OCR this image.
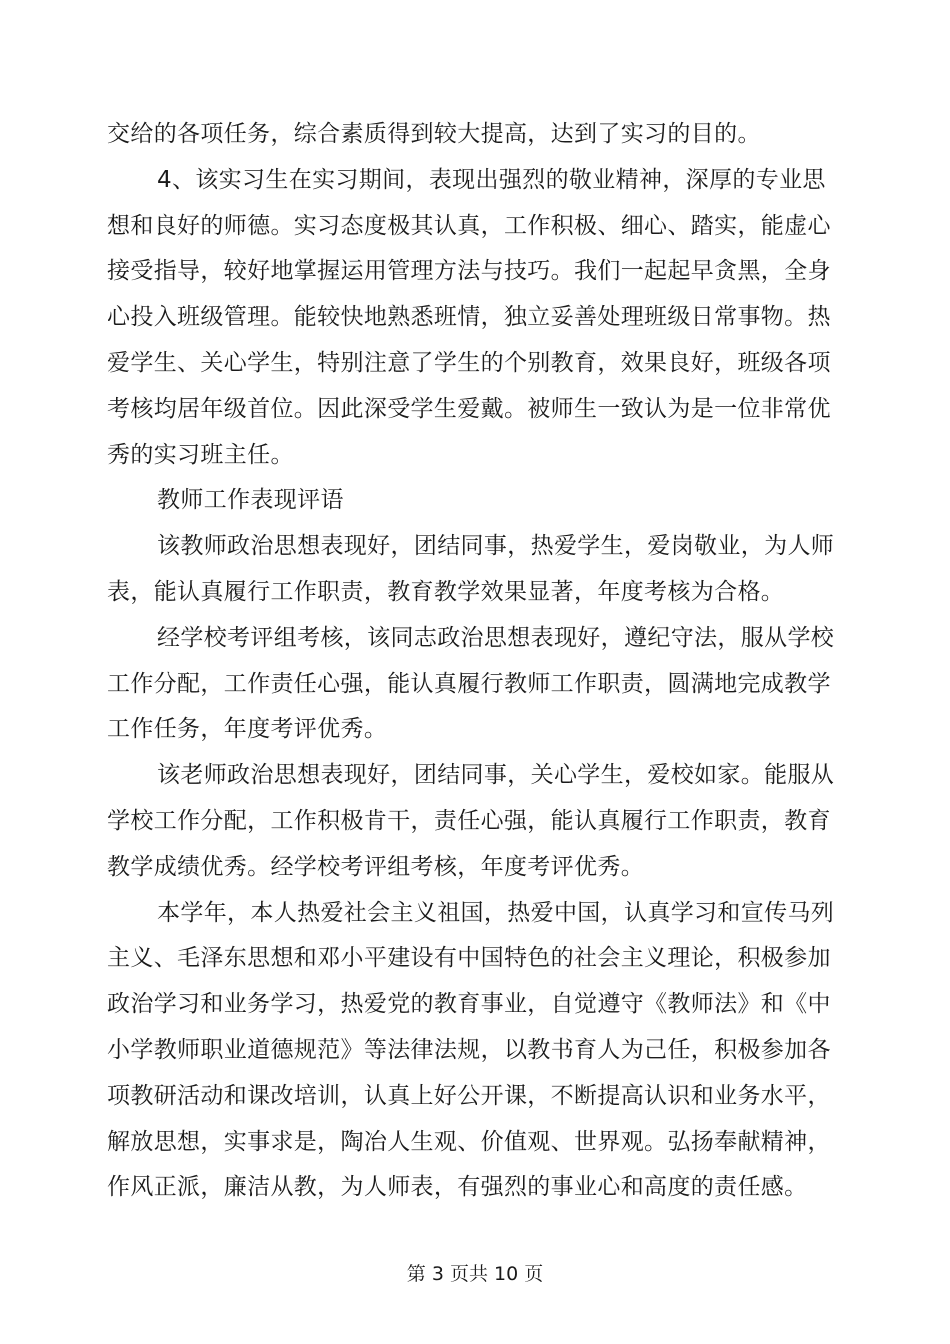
交给的各项任务，综合素质得到较大提高，达到了实习的目的。

4、该实习生在实习期间，表现出强烈的敬业精神，深厚的专业思想和良好的师德。实习态度极其认真，工作积极、细心、踏实，能虚心接受指导，较好地掌握运用管理方法与技巧。我们一起起早贪黑，全身心投入班级管理。能较快地熟悉班情，独立妥善处理班级日常事物。热爱学生、关心学生，特别注意了学生的个别教育，效果良好，班级各项考核均居年级首位。因此深受学生爱戴。被师生一致认为是一位非常优秀的实习班主任。

教师工作表现评语

该教师政治思想表现好，团结同事，热爱学生，爱岗敬业，为人师表，能认真履行工作职责，教育教学效果显著，年度考核为合格。

经学校考评组考核，该同志政治思想表现好，遵纪守法，服从学校工作分配，工作责任心强，能认真履行教师工作职责，圆满地完成教学工作任务，年度考评优秀。

该老师政治思想表现好，团结同事，关心学生，爱校如家。能服从学校工作分配，工作积极肯干，责任心强，能认真履行工作职责，教育教学成绩优秀。经学校考评组考核，年度考评优秀。

本学年，本人热爱社会主义祖国，热爱中国，认真学习和宣传马列主义、毛泽东思想和邓小平建设有中国特色的社会主义理论，积极参加政治学习和业务学习，热爱党的教育事业，自觉遵守《教师法》和《中小学教师职业道德规范》等法律法规，以教书育人为己任，积极参加各项教研活动和课改培训，认真上好公开课，不断提高认识和业务水平，解放思想，实事求是，陶冶人生观、价值观、世界观。弘扬奉献精神，作风正派，廉洁从教，为人师表，有强烈的事业心和高度的责任感。

第 3 页共 10 页
